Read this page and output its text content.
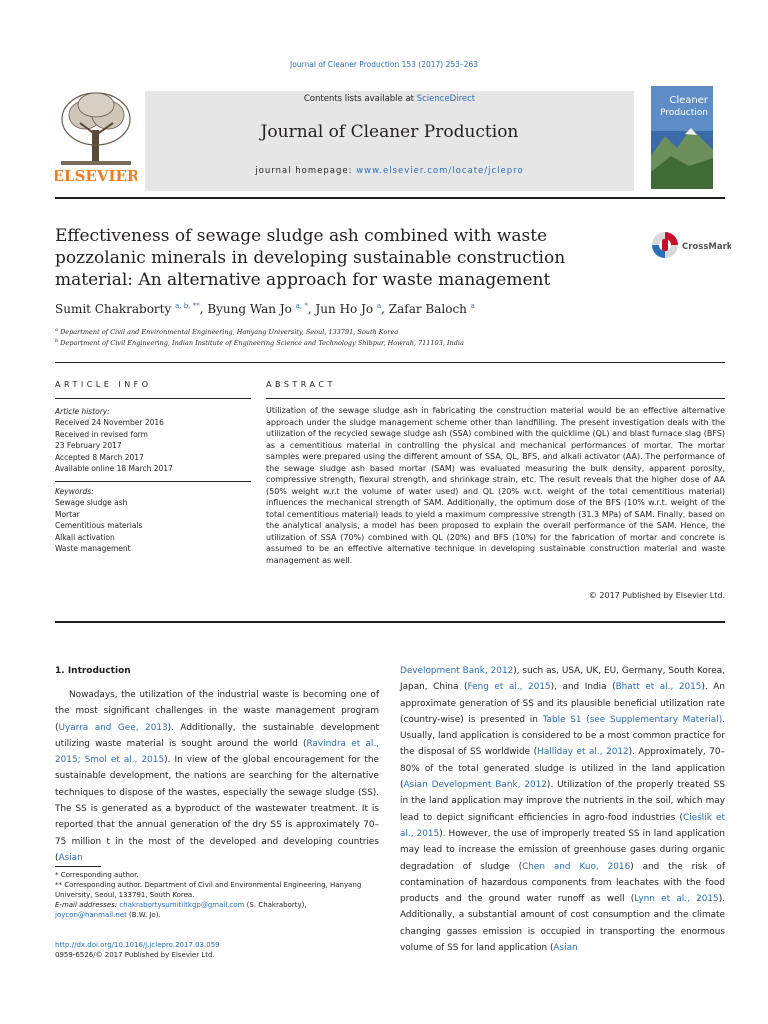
Journal of Cleaner Production 153 (2017) 253–263
Contents lists available at ScienceDirect
Journal of Cleaner Production
journal homepage: www.elsevier.com/locate/jclepro
ELSEVIER
Cleaner
Production
Effectiveness of sewage sludge ash combined with waste pozzolanic minerals in developing sustainable construction material: An alternative approach for waste management
CrossMark
Sumit Chakraborty $^{a, b, **}$, Byung Wan Jo $^{a, *}$, Jun Ho Jo $^a$, Zafar Baloch $^a$
$^a$ Department of Civil and Environmental Engineering, Hanyang University, Seoul, 133791, South Korea
$^b$ Department of Civil Engineering, Indian Institute of Engineering Science and Technology Shibpur, Howrah, 711103, India
ARTICLE INFO	ABSTRACT
Article history:
Received 24 November 2016
Received in revised form
23 February 2017
Accepted 8 March 2017
Available online 18 March 2017
Keywords:
Sewage sludge ash
Mortar
Cementitious materials
Alkali activation
Waste management
Utilization of the sewage sludge ash in fabricating the construction material would be an effective alternative approach under the sludge management scheme other than landfilling. The present investigation deals with the utilization of the recycled sewage sludge ash (SSA) combined with the quicklime (QL) and blast furnace slag (BFS) as a cementitious material in controlling the physical and mechanical performances of mortar. The mortar samples were prepared using the different amount of SSA, QL, BFS, and alkali activator (AA). The performance of the sewage sludge ash based mortar (SAM) was evaluated measuring the bulk density, apparent porosity, compressive strength, flexural strength, and shrinkage strain, etc. The result reveals that the higher dose of AA (50% weight w.r.t the volume of water used) and QL (20% w.r.t. weight of the total cementitious material) influences the mechanical strength of SAM. Additionally, the optimum dose of the BFS (10% w.r.t. weight of the total cementitious material) leads to yield a maximum compressive strength (31.3 MPa) of SAM. Finally, based on the analytical analysis, a model has been proposed to explain the overall performance of the SAM. Hence, the utilization of SSA (70%) combined with QL (20%) and BFS (10%) for the fabrication of mortar and concrete is assumed to be an effective alternative technique in developing sustainable construction material and waste management as well.
© 2017 Published by Elsevier Ltd.
1. Introduction
Nowadays, the utilization of the industrial waste is becoming one of the most significant challenges in the waste management program (Uyarra and Gee, 2013). Additionally, the sustainable development utilizing waste material is sought around the world (Ravindra et al., 2015; Smol et al., 2015). In view of the global encouragement for the sustainable development, the nations are searching for the alternative techniques to dispose of the wastes, especially the sewage sludge (SS). The SS is generated as a byproduct of the wastewater treatment. It is reported that the annual generation of the dry SS is approximately 70–75 million t in the most of the developed and developing countries (Asian
Development Bank, 2012), such as, USA, UK, EU, Germany, South Korea, Japan, China (Feng et al., 2015), and India (Bhatt et al., 2015). An approximate generation of SS and its plausible beneficial utilization rate (country-wise) is presented in Table S1 (see Supplementary Material). Usually, land application is considered to be a most common practice for the disposal of SS worldwide (Halliday et al., 2012). Approximately, 70–80% of the total generated sludge is utilized in the land application (Asian Development Bank, 2012). Utilization of the properly treated SS in the land application may improve the nutrients in the soil, which may lead to depict significant efficiencies in agro-food industries (Cieślik et al., 2015). However, the use of improperly treated SS in land application may lead to increase the emission of greenhouse gases during organic degradation of sludge (Chen and Kuo, 2016) and the risk of contamination of hazardous components from leachates with the food products and the ground water runoff as well (Lynn et al., 2015). Additionally, a substantial amount of cost consumption and the climate changing gasses emission is occupied in transporting the enormous volume of SS for land application (Asian
* Corresponding author.
** Corresponding author. Department of Civil and Environmental Engineering, Hanyang University, Seoul, 133791, South Korea.
E-mail addresses: chakrabortysumitiitkgp@gmail.com (S. Chakraborty), joycon@hanmail.net (B.W. Jo).
http://dx.doi.org/10.1016/j.jclepro.2017.03.059
0959-6526/© 2017 Published by Elsevier Ltd.
